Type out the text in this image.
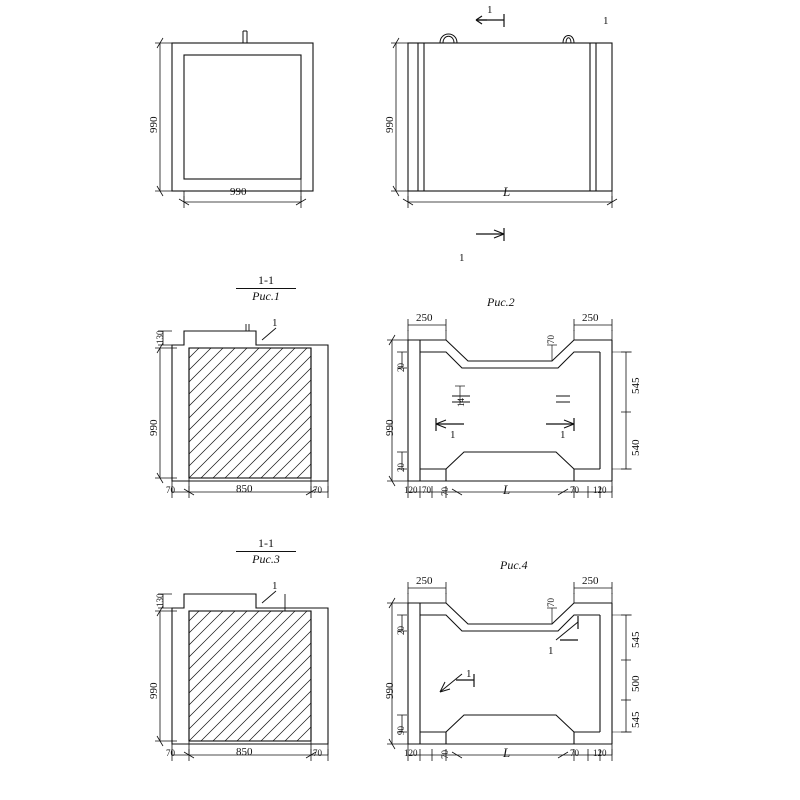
990
990
1
1
1
990
L
1-1
Рис.1	Рис.2
1
130
990
70	850	70
250	250
70
20
20
990
14
1	1
545
540
120 70 70	70 120
L
1-1
Рис.3	Рис.4
1
130
990
70	850	70
250	250
70
20
90
990
1
1
545
500
545
120	70	70 120
L
